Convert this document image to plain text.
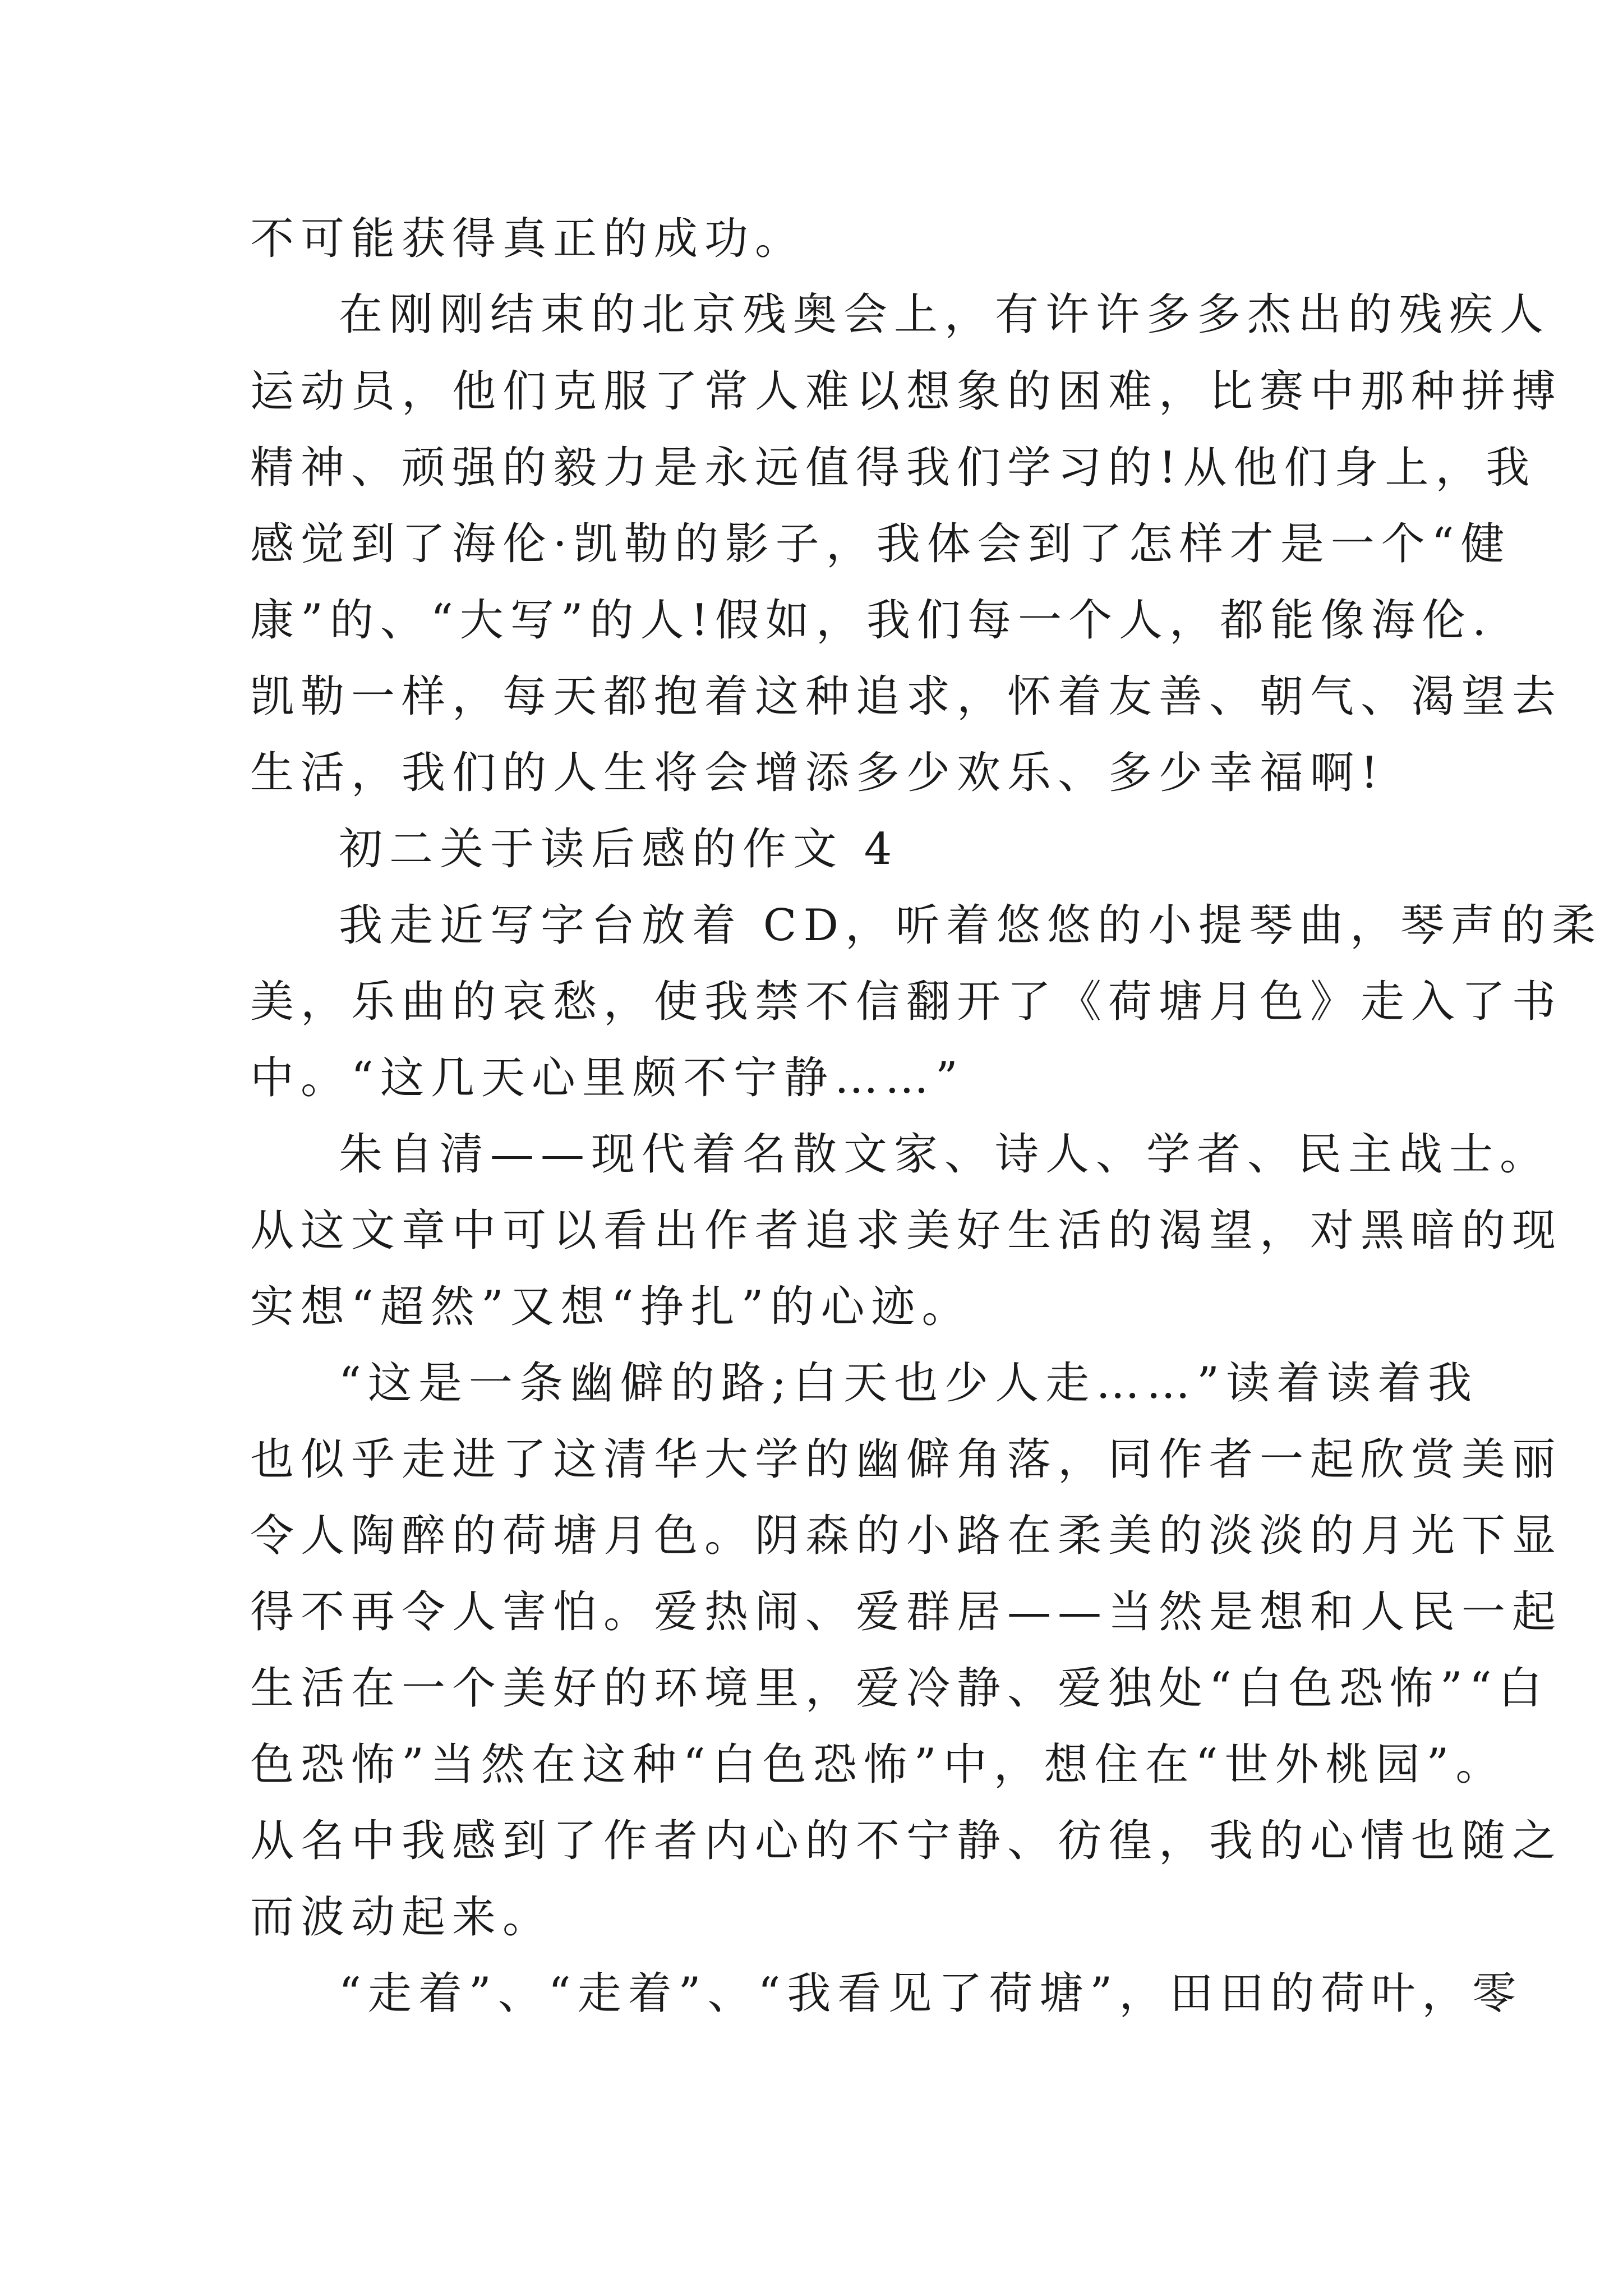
不可能获得真正的成功。
在刚刚结束的北京残奥会上，有许许多多杰出的残疾人
运动员，他们克服了常人难以想象的困难，比赛中那种拼搏
精神、顽强的毅力是永远值得我们学习的!从他们身上，我
感觉到了海伦·凯勒的影子，我体会到了怎样才是一个“健
康”的、“大写”的人!假如，我们每一个人，都能像海伦.
凯勒一样，每天都抱着这种追求，怀着友善、朝气、渴望去
生活，我们的人生将会增添多少欢乐、多少幸福啊!
初二关于读后感的作文 4
我走近写字台放着 CD，听着悠悠的小提琴曲，琴声的柔
美，乐曲的哀愁，使我禁不信翻开了《荷塘月色》走入了书
中。“这几天心里颇不宁静……”
朱自清——现代着名散文家、诗人、学者、民主战士。
从这文章中可以看出作者追求美好生活的渴望，对黑暗的现
实想“超然”又想“挣扎”的心迹。
“这是一条幽僻的路;白天也少人走……”读着读着我
也似乎走进了这清华大学的幽僻角落，同作者一起欣赏美丽
令人陶醉的荷塘月色。阴森的小路在柔美的淡淡的月光下显
得不再令人害怕。爱热闹、爱群居——当然是想和人民一起
生活在一个美好的环境里，爱冷静、爱独处“白色恐怖”“白
色恐怖”当然在这种“白色恐怖”中，想住在“世外桃园”。
从名中我感到了作者内心的不宁静、彷徨，我的心情也随之
而波动起来。
“走着”、“走着”、“我看见了荷塘”，田田的荷叶，零
